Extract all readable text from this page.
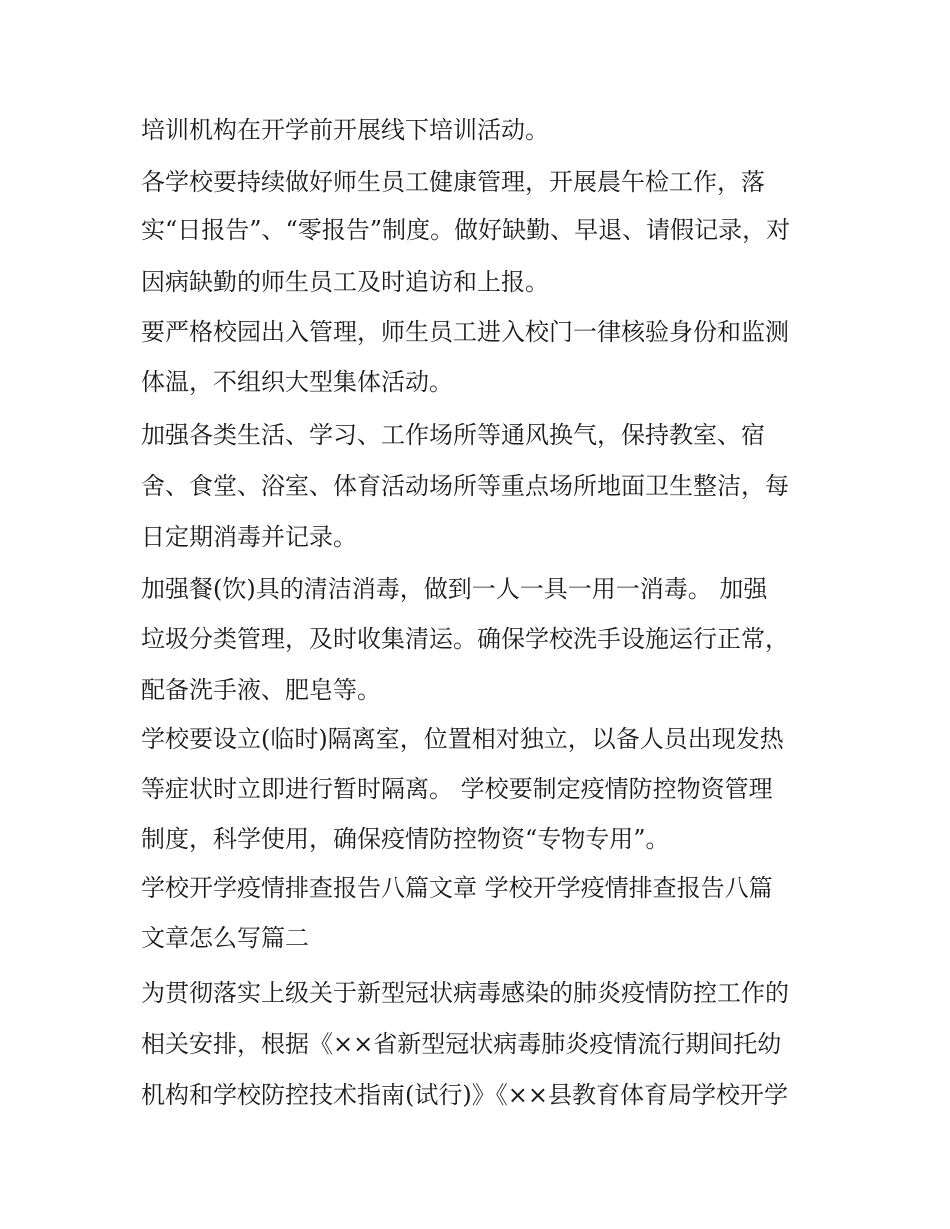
培训机构在开学前开展线下培训活动。
各学校要持续做好师生员工健康管理，开展晨午检工作，落
实“日报告”、“零报告”制度。做好缺勤、早退、请假记录，对
因病缺勤的师生员工及时追访和上报。
要严格校园出入管理，师生员工进入校门一律核验身份和监测
体温，不组织大型集体活动。
加强各类生活、学习、工作场所等通风换气，保持教室、宿
舍、食堂、浴室、体育活动场所等重点场所地面卫生整洁，每
日定期消毒并记录。
加强餐(饮)具的清洁消毒，做到一人一具一用一消毒。 加强
垃圾分类管理，及时收集清运。确保学校洗手设施运行正常，
配备洗手液、肥皂等。
学校要设立(临时)隔离室，位置相对独立，以备人员出现发热
等症状时立即进行暂时隔离。 学校要制定疫情防控物资管理
制度，科学使用，确保疫情防控物资“专物专用”。
学校开学疫情排查报告八篇文章 学校开学疫情排查报告八篇
文章怎么写篇二
为贯彻落实上级关于新型冠状病毒感染的肺炎疫情防控工作的
相关安排，根据《××省新型冠状病毒肺炎疫情流行期间托幼
机构和学校防控技术指南(试行)》《××县教育体育局学校开学
